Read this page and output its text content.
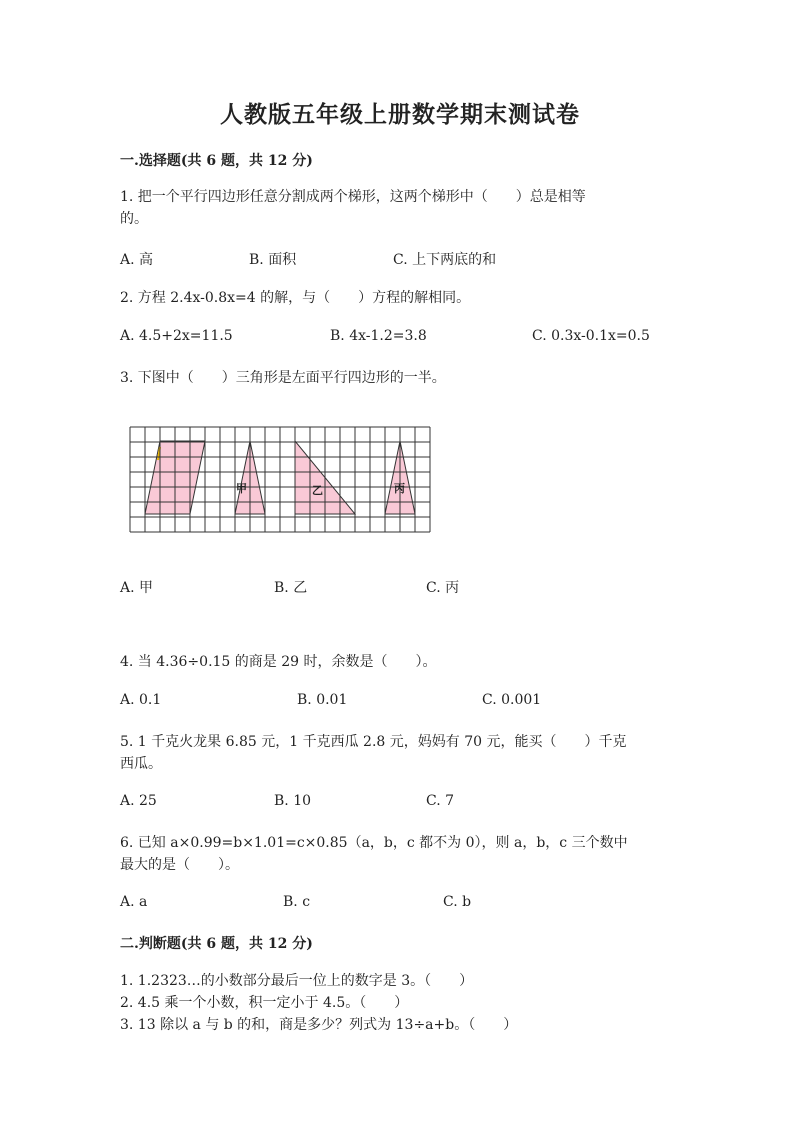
人教版五年级上册数学期末测试卷
一.选择题(共 6 题，共 12 分)
1. 把一个平行四边形任意分割成两个梯形，这两个梯形中（　　）总是相等
的。
A. 高	B. 面积	C. 上下两底的和
2. 方程 2.4x-0.8x=4 的解，与（　　）方程的解相同。
A. 4.5+2x=11.5	B. 4x-1.2=3.8	C. 0.3x-0.1x=0.5
3. 下图中（　　）三角形是左面平行四边形的一半。
甲	乙	丙
A. 甲	B. 乙	C. 丙
4. 当 4.36÷0.15 的商是 29 时，余数是（　　）。
A. 0.1	B. 0.01	C. 0.001
5. 1 千克火龙果 6.85 元，1 千克西瓜 2.8 元，妈妈有 70 元，能买（　　）千克
西瓜。
A. 25	B. 10	C. 7
6. 已知 a×0.99=b×1.01=c×0.85（a，b，c 都不为 0），则 a，b，c 三个数中
最大的是（　　）。
A. a	B. c	C. b
二.判断题(共 6 题，共 12 分)
1. 1.2323…的小数部分最后一位上的数字是 3。（　　）
2. 4.5 乘一个小数，积一定小于 4.5。（　　）
3. 13 除以 a 与 b 的和，商是多少？列式为 13÷a+b。（　　）
